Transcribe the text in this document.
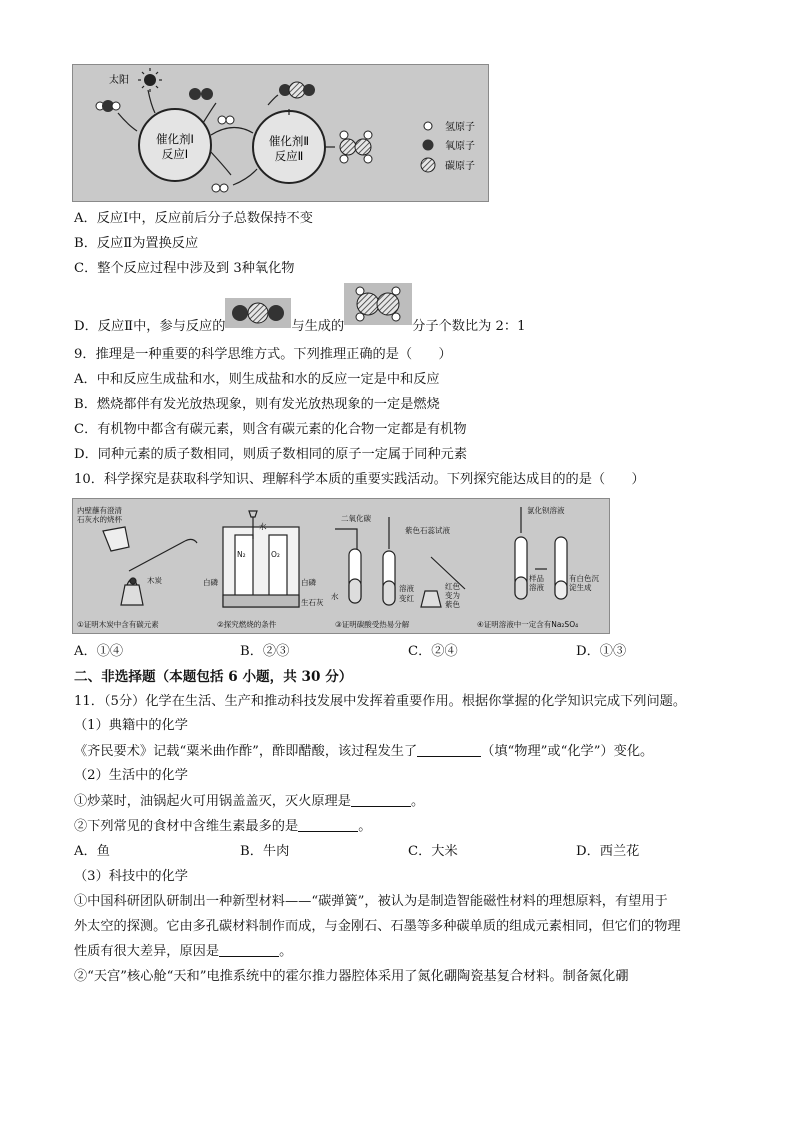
太阳
催化剂Ⅰ
反应Ⅰ
催化剂Ⅱ
反应Ⅱ
氢原子
氧原子
碳原子
A．反应Ⅰ中，反应前后分子总数保持不变
B．反应Ⅱ为置换反应
C．整个反应过程中涉及到 3种氧化物
D．反应Ⅱ中，参与反应的	与生成的	分子个数比为 2：1
9．推理是一种重要的科学思维方式。下列推理正确的是（　　）
A．中和反应生成盐和水，则生成盐和水的反应一定是中和反应
B．燃烧都伴有发光放热现象，则有发光放热现象的一定是燃烧
C．有机物中都含有碳元素，则含有碳元素的化合物一定都是有机物
D．同种元素的质子数相同，则质子数相同的原子一定属于同种元素
10．科学探究是获取科学知识、理解科学本质的重要实践活动。下列探究能达成目的的是（　　）
内壁蘸有澄清
石灰水的烧杯
木炭
①证明木炭中含有碳元素
水
N₂	O₂
白磷	白磷
生石灰
②探究燃烧的条件
二氧化碳
紫色石蕊试液
水
溶液
变红
红色
变为
紫色
③证明碳酸受热易分解
氯化钡溶液
样品
溶液
有白色沉
淀生成
④证明溶液中一定含有Na₂SO₄
A．①④	B．②③	C．②④	D．①③
二、非选择题（本题包括 6 小题，共 30 分）
11．（5分）化学在生活、生产和推动科技发展中发挥着重要作用。根据你掌握的化学知识完成下列问题。
（1）典籍中的化学
《齐民要术》记载“粟米曲作酢”，酢即醋酸，该过程发生了	（填“物理”或“化学”）变化。
（2）生活中的化学
①炒菜时，油锅起火可用锅盖盖灭，灭火原理是	。
②下列常见的食材中含维生素最多的是	。
A．鱼	B．牛肉	C．大米	D．西兰花
（3）科技中的化学
①中国科研团队研制出一种新型材料——“碳弹簧”，被认为是制造智能磁性材料的理想原料，有望用于
外太空的探测。它由多孔碳材料制作而成，与金刚石、石墨等多种碳单质的组成元素相同，但它们的物理
性质有很大差异，原因是	。
②“天宫”核心舱“天和”电推系统中的霍尔推力器腔体采用了氮化硼陶瓷基复合材料。制备氮化硼
